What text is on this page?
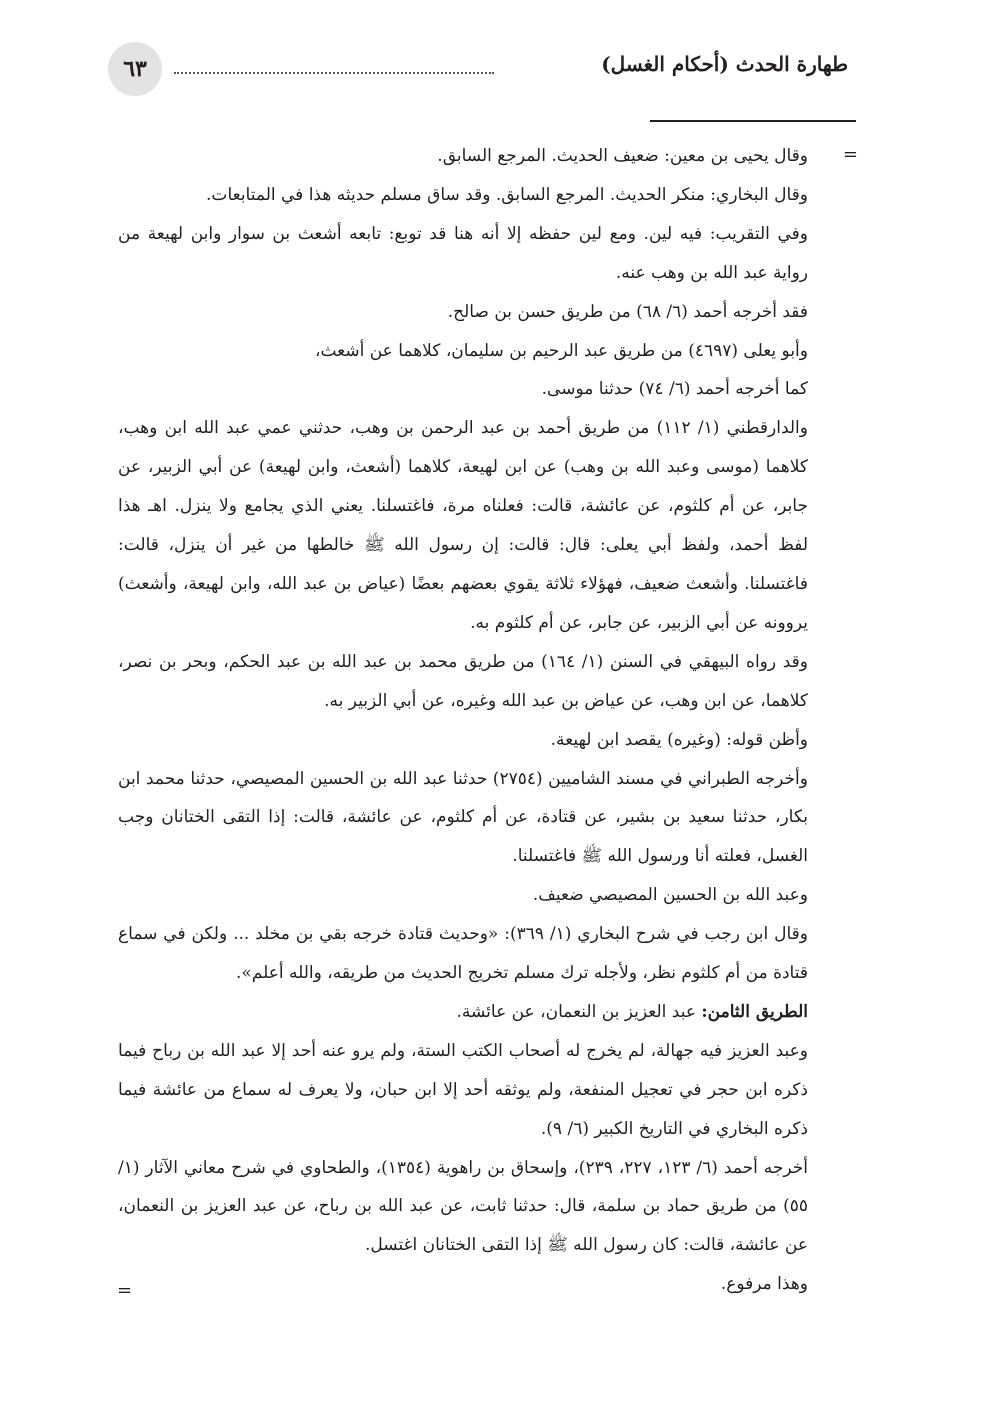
٦٣	طهارة الحدث (أحكام الغسل)
=

وقال يحيى بن معين: ضعيف الحديث. المرجع السابق.

وقال البخاري: منكر الحديث. المرجع السابق. وقد ساق مسلم حديثه هذا في المتابعات.

وفي التقريب: فيه لين. ومع لين حفظه إلا أنه هنا قد توبع: تابعه أشعث بن سوار وابن لهيعة من رواية عبد الله بن وهب عنه.

فقد أخرجه أحمد (٦/ ٦٨) من طريق حسن بن صالح.

وأبو يعلى (٤٦٩٧) من طريق عبد الرحيم بن سليمان، كلاهما عن أشعث،

كما أخرجه أحمد (٦/ ٧٤) حدثنا موسى.

والدارقطني (١/ ١١٢) من طريق أحمد بن عبد الرحمن بن وهب، حدثني عمي عبد الله ابن وهب، كلاهما (موسى وعبد الله بن وهب) عن ابن لهيعة، كلاهما (أشعث، وابن لهيعة) عن أبي الزبير، عن جابر، عن أم كلثوم، عن عائشة، قالت: فعلناه مرة، فاغتسلنا. يعني الذي يجامع ولا ينزل. اهـ هذا لفظ أحمد، ولفظ أبي يعلى: قال: قالت: إن رسول الله ﷺ خالطها من غير أن ينزل، قالت: فاغتسلنا. وأشعث ضعيف، فهؤلاء ثلاثة يقوي بعضهم بعضًا (عياض بن عبد الله، وابن لهيعة، وأشعث) يروونه عن أبي الزبير، عن جابر، عن أم كلثوم به.

وقد رواه البيهقي في السنن (١/ ١٦٤) من طريق محمد بن عبد الله بن عبد الحكم، وبحر بن نصر، كلاهما، عن ابن وهب، عن عياض بن عبد الله وغيره، عن أبي الزبير به.

وأظن قوله: (وغيره) يقصد ابن لهيعة.

وأخرجه الطبراني في مسند الشاميين (٢٧٥٤) حدثنا عبد الله بن الحسين المصيصي، حدثنا محمد ابن بكار، حدثنا سعيد بن بشير، عن قتادة، عن أم كلثوم، عن عائشة، قالت: إذا التقى الختانان وجب الغسل، فعلته أنا ورسول الله ﷺ فاغتسلنا.

وعبد الله بن الحسين المصيصي ضعيف.

وقال ابن رجب في شرح البخاري (١/ ٣٦٩): «وحديث قتادة خرجه بقي بن مخلد ... ولكن في سماع قتادة من أم كلثوم نظر، ولأجله ترك مسلم تخريج الحديث من طريقه، والله أعلم».

الطريق الثامن: عبد العزيز بن النعمان، عن عائشة.

وعبد العزيز فيه جهالة، لم يخرج له أصحاب الكتب الستة، ولم يرو عنه أحد إلا عبد الله بن رباح فيما ذكره ابن حجر في تعجيل المنفعة، ولم يوثقه أحد إلا ابن حبان، ولا يعرف له سماع من عائشة فيما ذكره البخاري في التاريخ الكبير (٦/ ٩).

أخرجه أحمد (٦/ ١٢٣، ٢٢٧، ٢٣٩)، وإسحاق بن راهوية (١٣٥٤)، والطحاوي في شرح معاني الآثار (١/ ٥٥) من طريق حماد بن سلمة، قال: حدثنا ثابت، عن عبد الله بن رباح، عن عبد العزيز بن النعمان، عن عائشة، قالت: كان رسول الله ﷺ إذا التقى الختانان اغتسل.

وهذا مرفوع.

=
